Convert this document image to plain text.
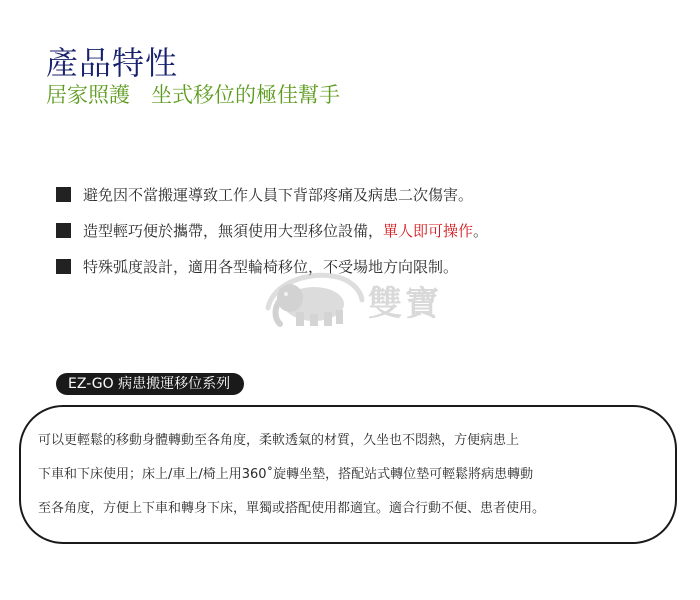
產品特性
居家照護　坐式移位的極佳幫手
避免因不當搬運導致工作人員下背部疼痛及病患二次傷害。
造型輕巧便於攜帶，無須使用大型移位設備，單人即可操作。
特殊弧度設計，適用各型輪椅移位，不受場地方向限制。
雙寶
EZ-GO 病患搬運移位系列
可以更輕鬆的移動身體轉動至各角度，柔軟透氣的材質，久坐也不悶熱，方便病患上
下車和下床使用；床上/車上/椅上用360˚旋轉坐墊，搭配站式轉位墊可輕鬆將病患轉動
至各角度，方便上下車和轉身下床，單獨或搭配使用都適宜。適合行動不便、患者使用。
